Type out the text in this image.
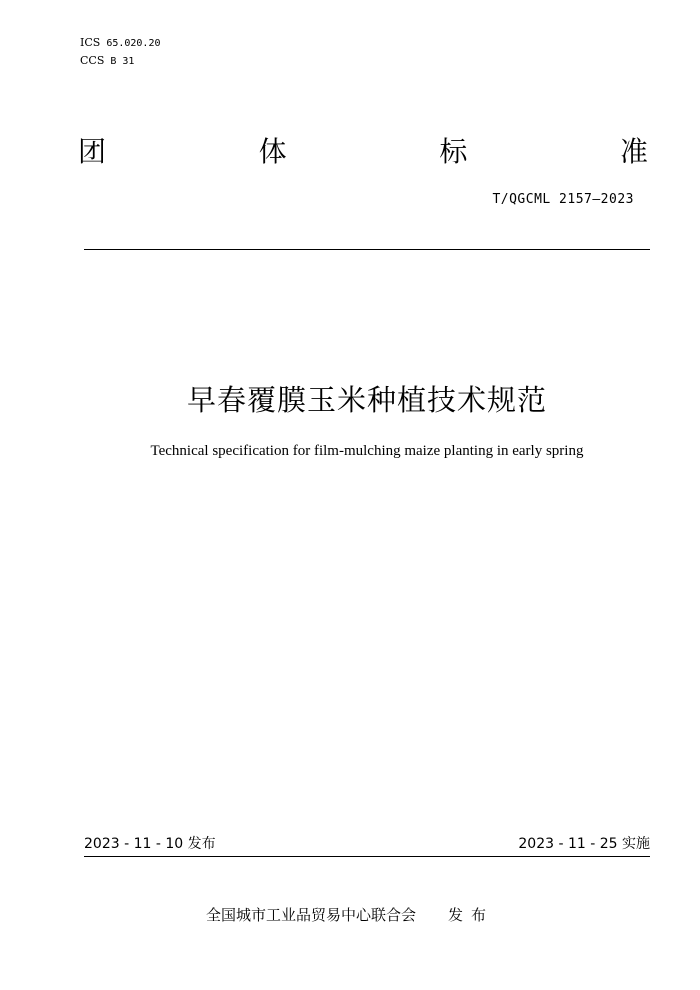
ICS 65.020.20
CCS B 31
团	体	标	准
T/QGCML 2157—2023
早春覆膜玉米种植技术规范
Technical specification for film-mulching maize planting in early spring
2023 - 11 - 10 发布	2023 - 11 - 25 实施
全国城市工业品贸易中心联合会 发布
